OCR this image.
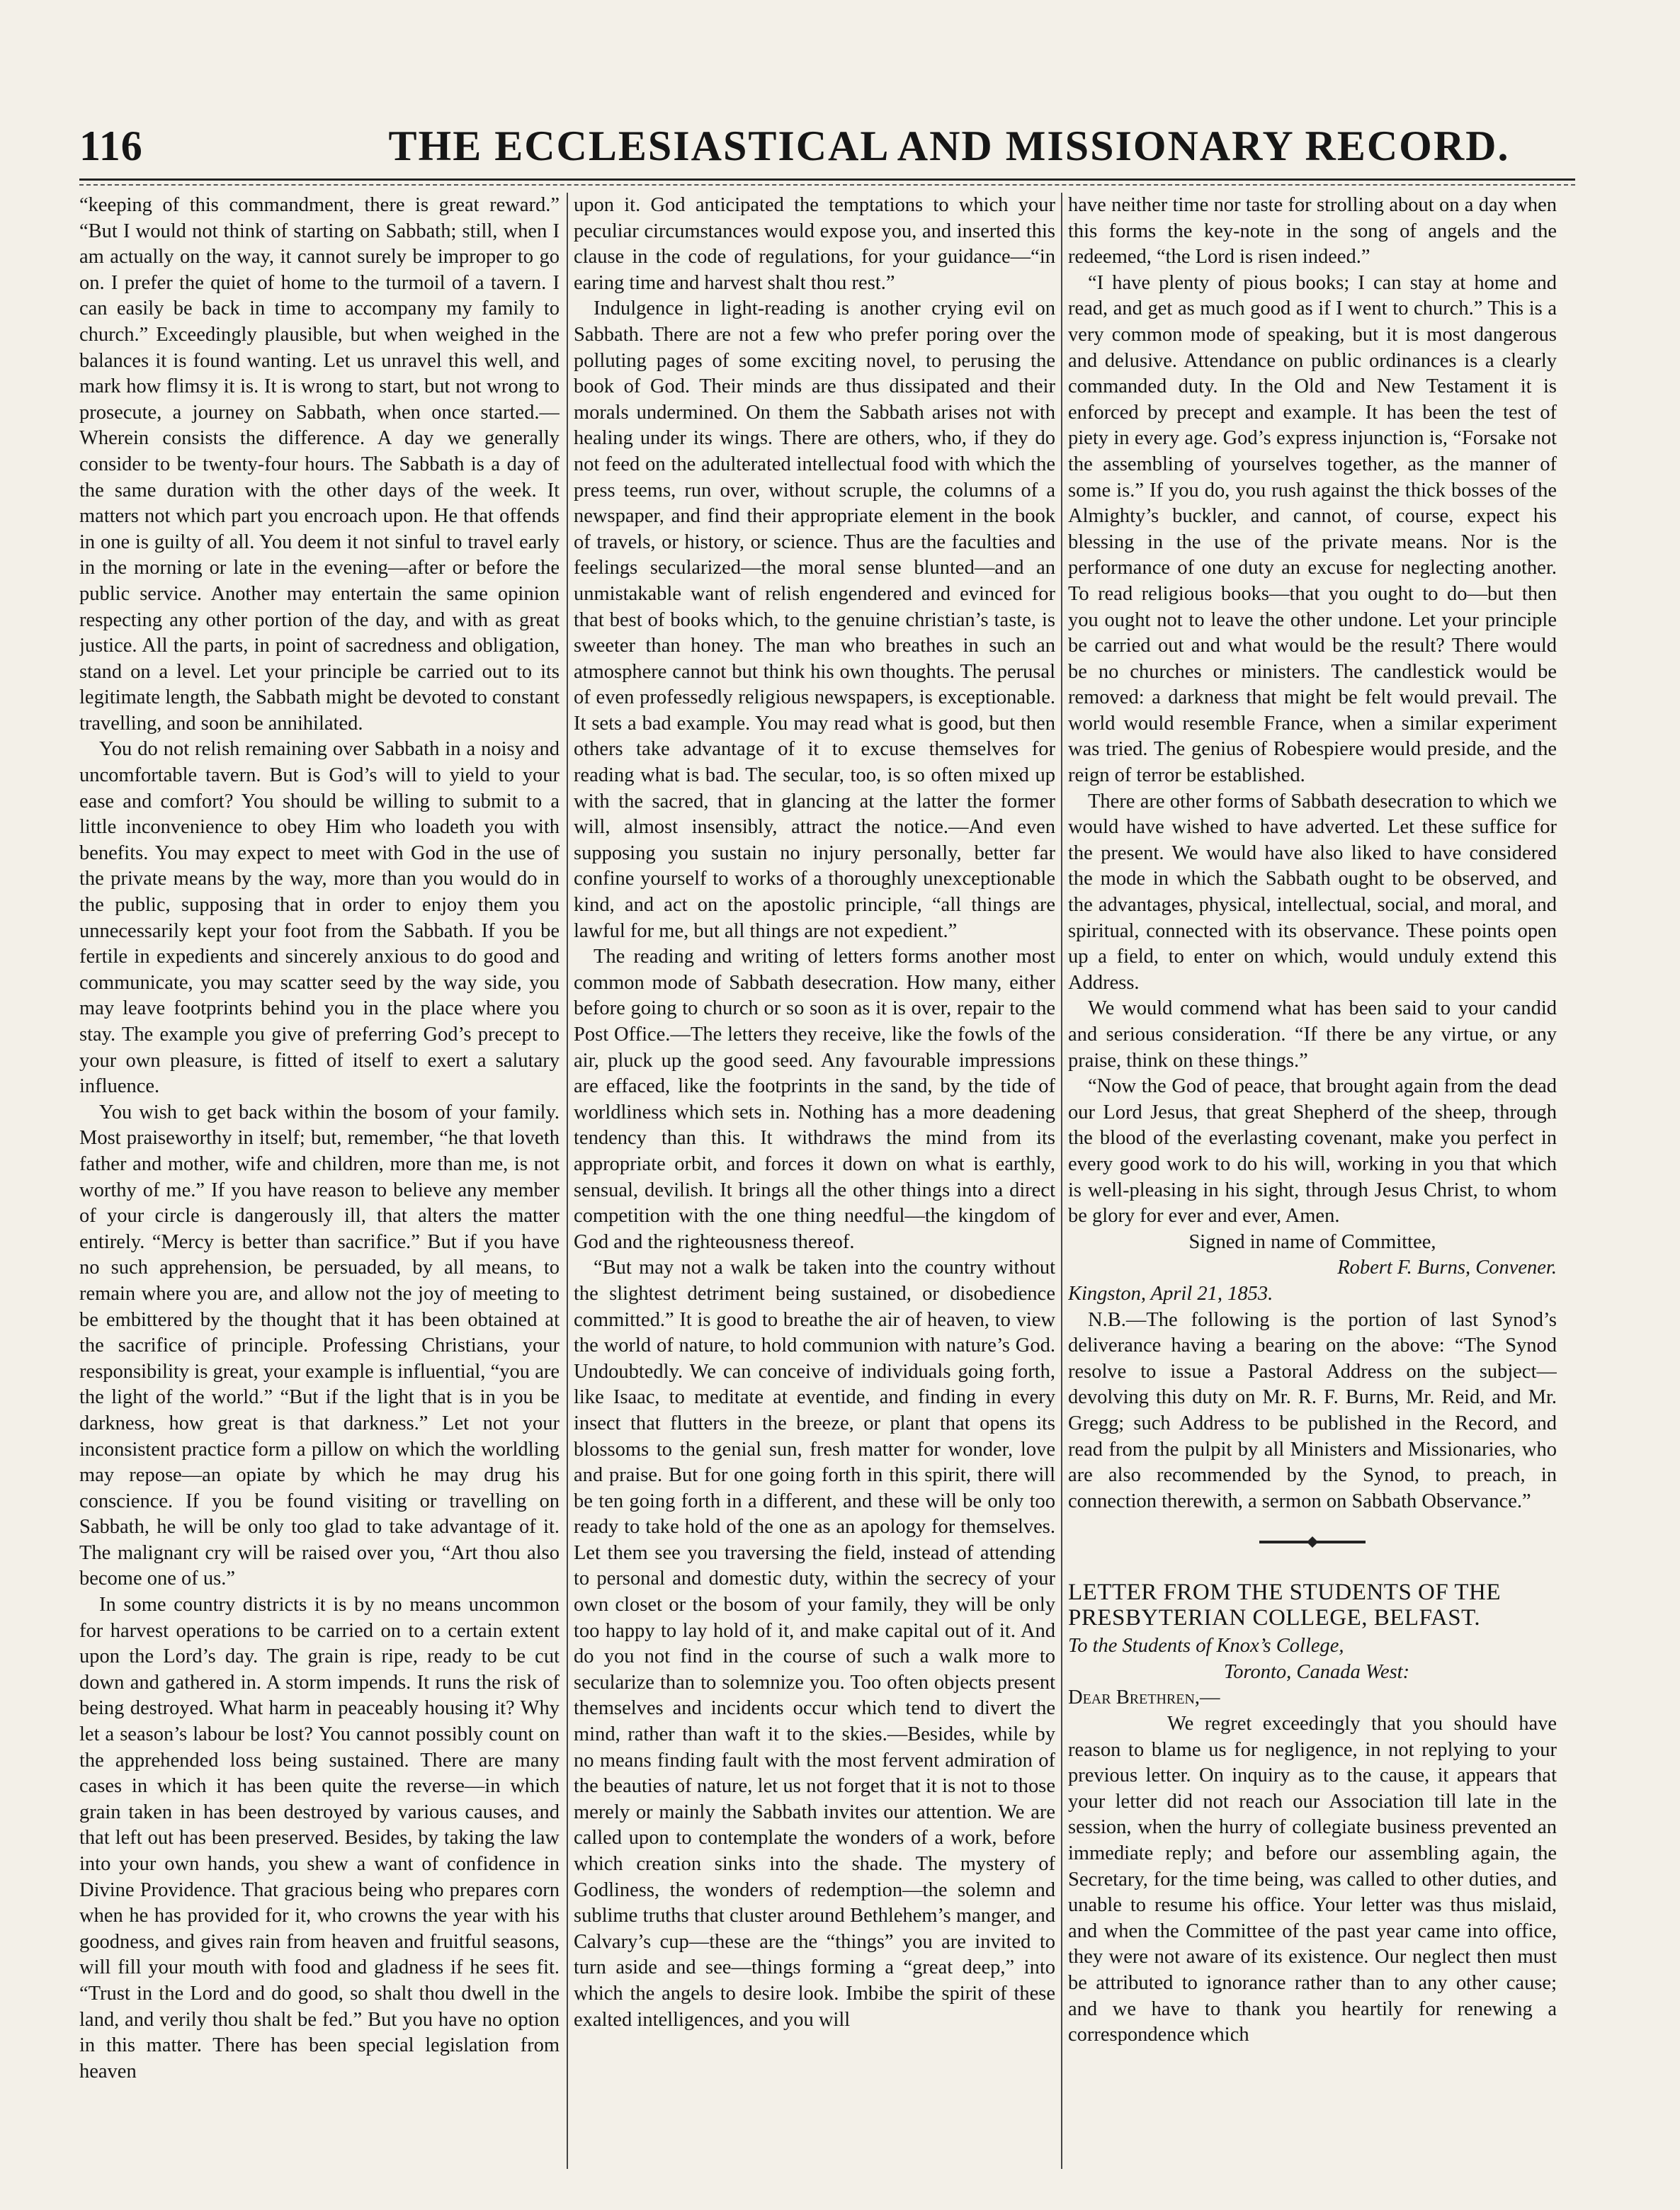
116	THE ECCLESIASTICAL AND MISSIONARY RECORD.

“keeping of this commandment, there is great reward.” “But I would not think of starting on Sabbath; still, when I am actually on the way, it cannot surely be improper to go on. I prefer the quiet of home to the turmoil of a tavern. I can easily be back in time to accompany my family to church.” Exceedingly plausible, but when weighed in the balances it is found wanting. Let us unravel this well, and mark how flimsy it is. It is wrong to start, but not wrong to prosecute, a journey on Sabbath, when once started.—Wherein consists the difference. A day we generally consider to be twenty-four hours. The Sabbath is a day of the same duration with the other days of the week. It matters not which part you encroach upon. He that offends in one is guilty of all. You deem it not sinful to travel early in the morning or late in the evening—after or before the public service. Another may entertain the same opinion respecting any other portion of the day, and with as great justice. All the parts, in point of sacredness and obligation, stand on a level. Let your principle be carried out to its legitimate length, the Sabbath might be devoted to constant travelling, and soon be annihilated.

You do not relish remaining over Sabbath in a noisy and uncomfortable tavern. But is God’s will to yield to your ease and comfort? You should be willing to submit to a little inconvenience to obey Him who loadeth you with benefits. You may expect to meet with God in the use of the private means by the way, more than you would do in the public, supposing that in order to enjoy them you unnecessarily kept your foot from the Sabbath. If you be fertile in expedients and sincerely anxious to do good and communicate, you may scatter seed by the way side, you may leave footprints behind you in the place where you stay. The example you give of preferring God’s precept to your own pleasure, is fitted of itself to exert a salutary influence.

You wish to get back within the bosom of your family. Most praiseworthy in itself; but, remember, “he that loveth father and mother, wife and children, more than me, is not worthy of me.” If you have reason to believe any member of your circle is dangerously ill, that alters the matter entirely. “Mercy is better than sacrifice.” But if you have no such apprehension, be persuaded, by all means, to remain where you are, and allow not the joy of meeting to be embittered by the thought that it has been obtained at the sacrifice of principle. Professing Christians, your responsibility is great, your example is influential, “you are the light of the world.” “But if the light that is in you be darkness, how great is that darkness.” Let not your inconsistent practice form a pillow on which the worldling may repose—an opiate by which he may drug his conscience. If you be found visiting or travelling on Sabbath, he will be only too glad to take advantage of it. The malignant cry will be raised over you, “Art thou also become one of us.”

In some country districts it is by no means uncommon for harvest operations to be carried on to a certain extent upon the Lord’s day. The grain is ripe, ready to be cut down and gathered in. A storm impends. It runs the risk of being destroyed. What harm in peaceably housing it? Why let a season’s labour be lost? You cannot possibly count on the apprehended loss being sustained. There are many cases in which it has been quite the reverse—in which grain taken in has been destroyed by various causes, and that left out has been preserved. Besides, by taking the law into your own hands, you shew a want of confidence in Divine Providence. That gracious being who prepares corn when he has provided for it, who crowns the year with his goodness, and gives rain from heaven and fruitful seasons, will fill your mouth with food and gladness if he sees fit. “Trust in the Lord and do good, so shalt thou dwell in the land, and verily thou shalt be fed.” But you have no option in this matter. There has been special legislation from heaven

upon it. God anticipated the temptations to which your peculiar circumstances would expose you, and inserted this clause in the code of regulations, for your guidance—“in earing time and harvest shalt thou rest.”

Indulgence in light-reading is another crying evil on Sabbath. There are not a few who prefer poring over the polluting pages of some exciting novel, to perusing the book of God. Their minds are thus dissipated and their morals undermined. On them the Sabbath arises not with healing under its wings. There are others, who, if they do not feed on the adulterated intellectual food with which the press teems, run over, without scruple, the columns of a newspaper, and find their appropriate element in the book of travels, or history, or science. Thus are the faculties and feelings secularized—the moral sense blunted—and an unmistakable want of relish engendered and evinced for that best of books which, to the genuine christian’s taste, is sweeter than honey. The man who breathes in such an atmosphere cannot but think his own thoughts. The perusal of even professedly religious newspapers, is exceptionable. It sets a bad example. You may read what is good, but then others take advantage of it to excuse themselves for reading what is bad. The secular, too, is so often mixed up with the sacred, that in glancing at the latter the former will, almost insensibly, attract the notice.—And even supposing you sustain no injury personally, better far confine yourself to works of a thoroughly unexceptionable kind, and act on the apostolic principle, “all things are lawful for me, but all things are not expedient.”

The reading and writing of letters forms another most common mode of Sabbath desecration. How many, either before going to church or so soon as it is over, repair to the Post Office.—The letters they receive, like the fowls of the air, pluck up the good seed. Any favourable impressions are effaced, like the footprints in the sand, by the tide of worldliness which sets in. Nothing has a more deadening tendency than this. It withdraws the mind from its appropriate orbit, and forces it down on what is earthly, sensual, devilish. It brings all the other things into a direct competition with the one thing needful—the kingdom of God and the righteousness thereof.

“But may not a walk be taken into the country without the slightest detriment being sustained, or disobedience committed.” It is good to breathe the air of heaven, to view the world of nature, to hold communion with nature’s God. Undoubtedly. We can conceive of individuals going forth, like Isaac, to meditate at eventide, and finding in every insect that flutters in the breeze, or plant that opens its blossoms to the genial sun, fresh matter for wonder, love and praise. But for one going forth in this spirit, there will be ten going forth in a different, and these will be only too ready to take hold of the one as an apology for themselves. Let them see you traversing the field, instead of attending to personal and domestic duty, within the secrecy of your own closet or the bosom of your family, they will be only too happy to lay hold of it, and make capital out of it. And do you not find in the course of such a walk more to secularize than to solemnize you. Too often objects present themselves and incidents occur which tend to divert the mind, rather than waft it to the skies.—Besides, while by no means finding fault with the most fervent admiration of the beauties of nature, let us not forget that it is not to those merely or mainly the Sabbath invites our attention. We are called upon to contemplate the wonders of a work, before which creation sinks into the shade. The mystery of Godliness, the wonders of redemption—the solemn and sublime truths that cluster around Bethlehem’s manger, and Calvary’s cup—these are the “things” you are invited to turn aside and see—things forming a “great deep,” into which the angels to desire look. Imbibe the spirit of these exalted intelligences, and you will

have neither time nor taste for strolling about on a day when this forms the key-note in the song of angels and the redeemed, “the Lord is risen indeed.”

“I have plenty of pious books; I can stay at home and read, and get as much good as if I went to church.” This is a very common mode of speaking, but it is most dangerous and delusive. Attendance on public ordinances is a clearly commanded duty. In the Old and New Testament it is enforced by precept and example. It has been the test of piety in every age. God’s express injunction is, “Forsake not the assembling of yourselves together, as the manner of some is.” If you do, you rush against the thick bosses of the Almighty’s buckler, and cannot, of course, expect his blessing in the use of the private means. Nor is the performance of one duty an excuse for neglecting another. To read religious books—that you ought to do—but then you ought not to leave the other undone. Let your principle be carried out and what would be the result? There would be no churches or ministers. The candlestick would be removed: a darkness that might be felt would prevail. The world would resemble France, when a similar experiment was tried. The genius of Robespiere would preside, and the reign of terror be established.

There are other forms of Sabbath desecration to which we would have wished to have adverted. Let these suffice for the present. We would have also liked to have considered the mode in which the Sabbath ought to be observed, and the advantages, physical, intellectual, social, and moral, and spiritual, connected with its observance. These points open up a field, to enter on which, would unduly extend this Address.

We would commend what has been said to your candid and serious consideration. “If there be any virtue, or any praise, think on these things.”

“Now the God of peace, that brought again from the dead our Lord Jesus, that great Shepherd of the sheep, through the blood of the everlasting covenant, make you perfect in every good work to do his will, working in you that which is well-pleasing in his sight, through Jesus Christ, to whom be glory for ever and ever, Amen.

Signed in name of Committee,

Robert F. Burns, Convener.

Kingston, April 21, 1853.

N.B.—The following is the portion of last Synod’s deliverance having a bearing on the above: “The Synod resolve to issue a Pastoral Address on the subject—devolving this duty on Mr. R. F. Burns, Mr. Reid, and Mr. Gregg; such Address to be published in the Record, and read from the pulpit by all Ministers and Missionaries, who are also recommended by the Synod, to preach, in connection therewith, a sermon on Sabbath Observance.”

LETTER FROM THE STUDENTS OF THE PRESBYTERIAN COLLEGE, BELFAST.

To the Students of Knox’s College,

Toronto, Canada West:

Dear Brethren,—

We regret exceedingly that you should have reason to blame us for negligence, in not replying to your previous letter. On inquiry as to the cause, it appears that your letter did not reach our Association till late in the session, when the hurry of collegiate business prevented an immediate reply; and before our assembling again, the Secretary, for the time being, was called to other duties, and unable to resume his office. Your letter was thus mislaid, and when the Committee of the past year came into office, they were not aware of its existence. Our neglect then must be attributed to ignorance rather than to any other cause; and we have to thank you heartily for renewing a correspondence which
